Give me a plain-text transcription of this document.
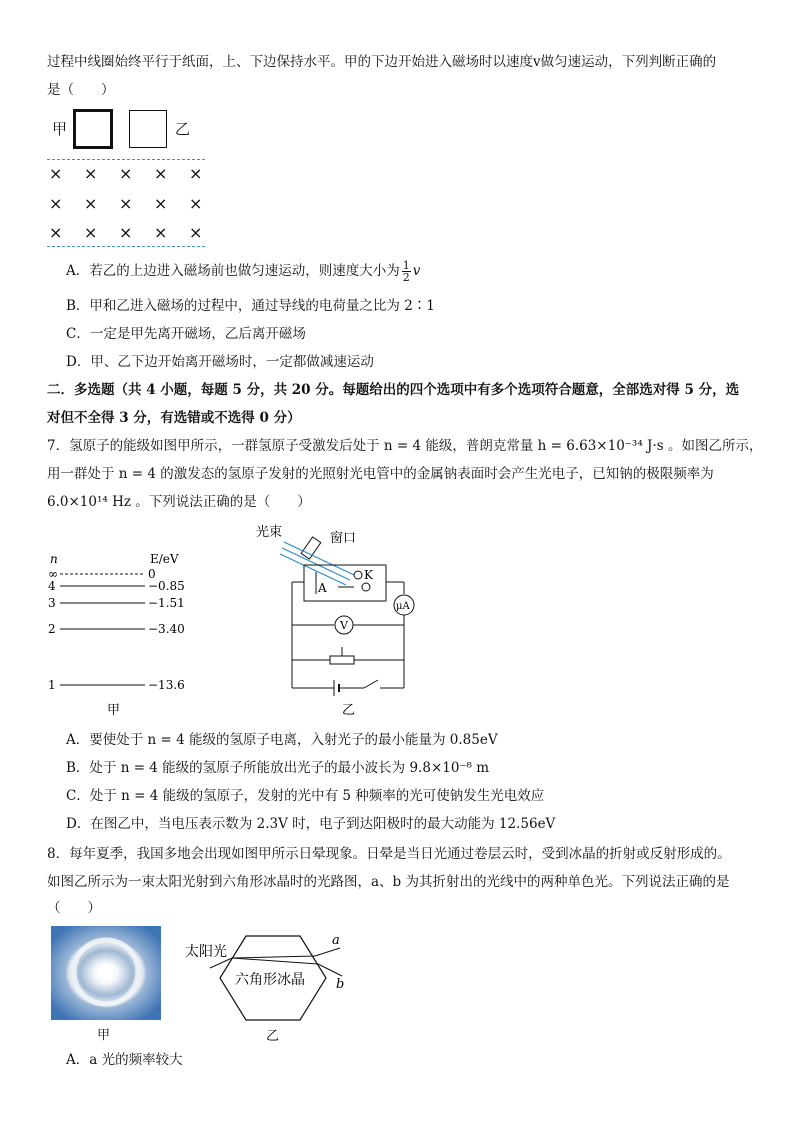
过程中线圈始终平行于纸面，上、下边保持水平。甲的下边开始进入磁场时以速度v做匀速运动，下列判断正确的
是（　　）
甲	乙
× × × × ×
× × × × ×
× × × × ×
A．若乙的上边进入磁场前也做匀速运动，则速度大小为 $\frac{1}{2}$ v
B．甲和乙进入磁场的过程中，通过导线的电荷量之比为 2∶1
C．一定是甲先离开磁场，乙后离开磁场
D．甲、乙下边开始离开磁场时，一定都做减速运动
二．多选题（共 4 小题，每题 5 分，共 20 分。每题给出的四个选项中有多个选项符合题意，全部选对得 5 分，选
对但不全得 3 分，有选错或不选得 0 分）
7．氢原子的能级如图甲所示，一群氢原子受激发后处于 n = 4 能级，普朗克常量 h = 6.63×10⁻³⁴ J·s 。如图乙所示，
用一群处于 n = 4 的激发态的氢原子发射的光照射光电管中的金属钠表面时会产生光电子，已知钠的极限频率为
6.0×10¹⁴ Hz 。下列说法正确的是（　　）
n	E/eV
∞	0
4	−0.85
3	−1.51
2	−3.40
1	−13.6
甲
光束	窗口
A
K
μA
V
乙
A．要使处于 n = 4 能级的氢原子电离，入射光子的最小能量为 0.85eV
B．处于 n = 4 能级的氢原子所能放出光子的最小波长为 9.8×10⁻⁸ m
C．处于 n = 4 能级的氢原子，发射的光中有 5 种频率的光可使钠发生光电效应
D．在图乙中，当电压表示数为 2.3V 时，电子到达阳极时的最大动能为 12.56eV
8．每年夏季，我国多地会出现如图甲所示日晕现象。日晕是当日光通过卷层云时，受到冰晶的折射或反射形成的。
如图乙所示为一束太阳光射到六角形冰晶时的光路图，a、b 为其折射出的光线中的两种单色光。下列说法正确的是
（　　）
甲
太阳光
六角形冰晶
a
b
乙
A．a 光的频率较大
